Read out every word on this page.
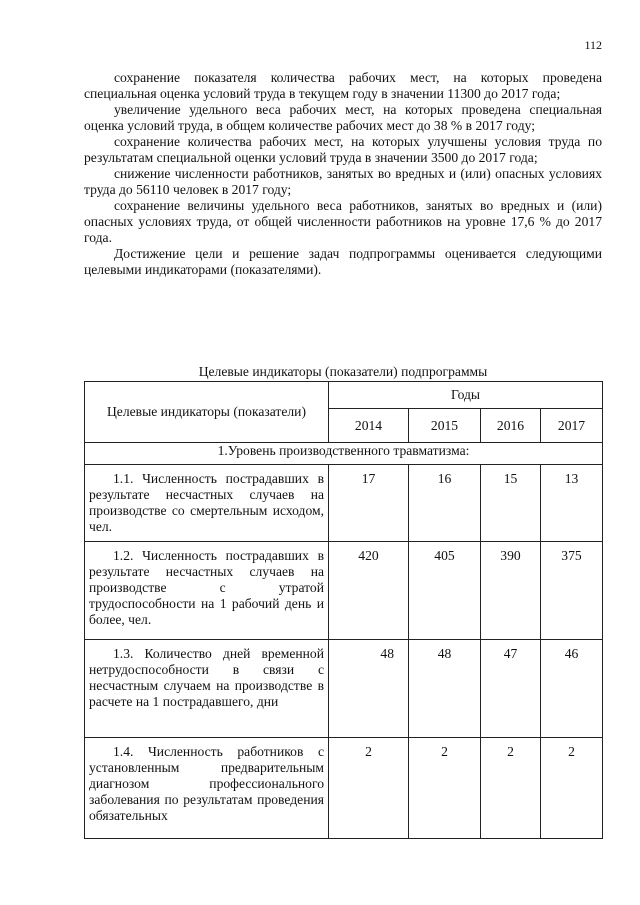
112

сохранение показателя количества рабочих мест, на которых проведена специальная оценка условий труда в текущем году в значении 11300 до 2017 года;

увеличение удельного веса рабочих мест, на которых проведена специальная оценка условий труда, в общем количестве рабочих мест до 38 % в 2017 году;

сохранение количества рабочих мест, на которых улучшены условия труда по результатам специальной оценки условий труда в значении 3500 до 2017 года;

снижение численности работников, занятых во вредных и (или) опасных условиях труда до 56110 человек в 2017 году;

сохранение величины удельного веса работников, занятых во вредных и (или) опасных условиях труда, от общей численности работников на уровне 17,6 % до 2017 года.

Достижение цели и решение задач подпрограммы оценивается следующими целевыми индикаторами (показателями).

Целевые индикаторы (показатели) подпрограммы
Целевые индикаторы (показатели)	Годы			
	2014	2015	2016	2017
1.Уровень производственного травматизма:				

1.1. Численность пострадавших в результате несчастных случаев на производстве со смертельным исходом, чел.	17	16	15	13

1.2. Численность пострадавших в результате несчастных случаев на производстве с утратой трудоспособности на 1 рабочий день и более, чел.	420	405	390	375

1.3. Количество дней временной нетрудоспособности в связи с несчастным случаем на производстве в расчете на 1 пострадавшего, дни	48	48	47	46

1.4. Численность работников с установленным предварительным диагнозом профессионального заболевания по результатам проведения обязательных	2	2	2	2
